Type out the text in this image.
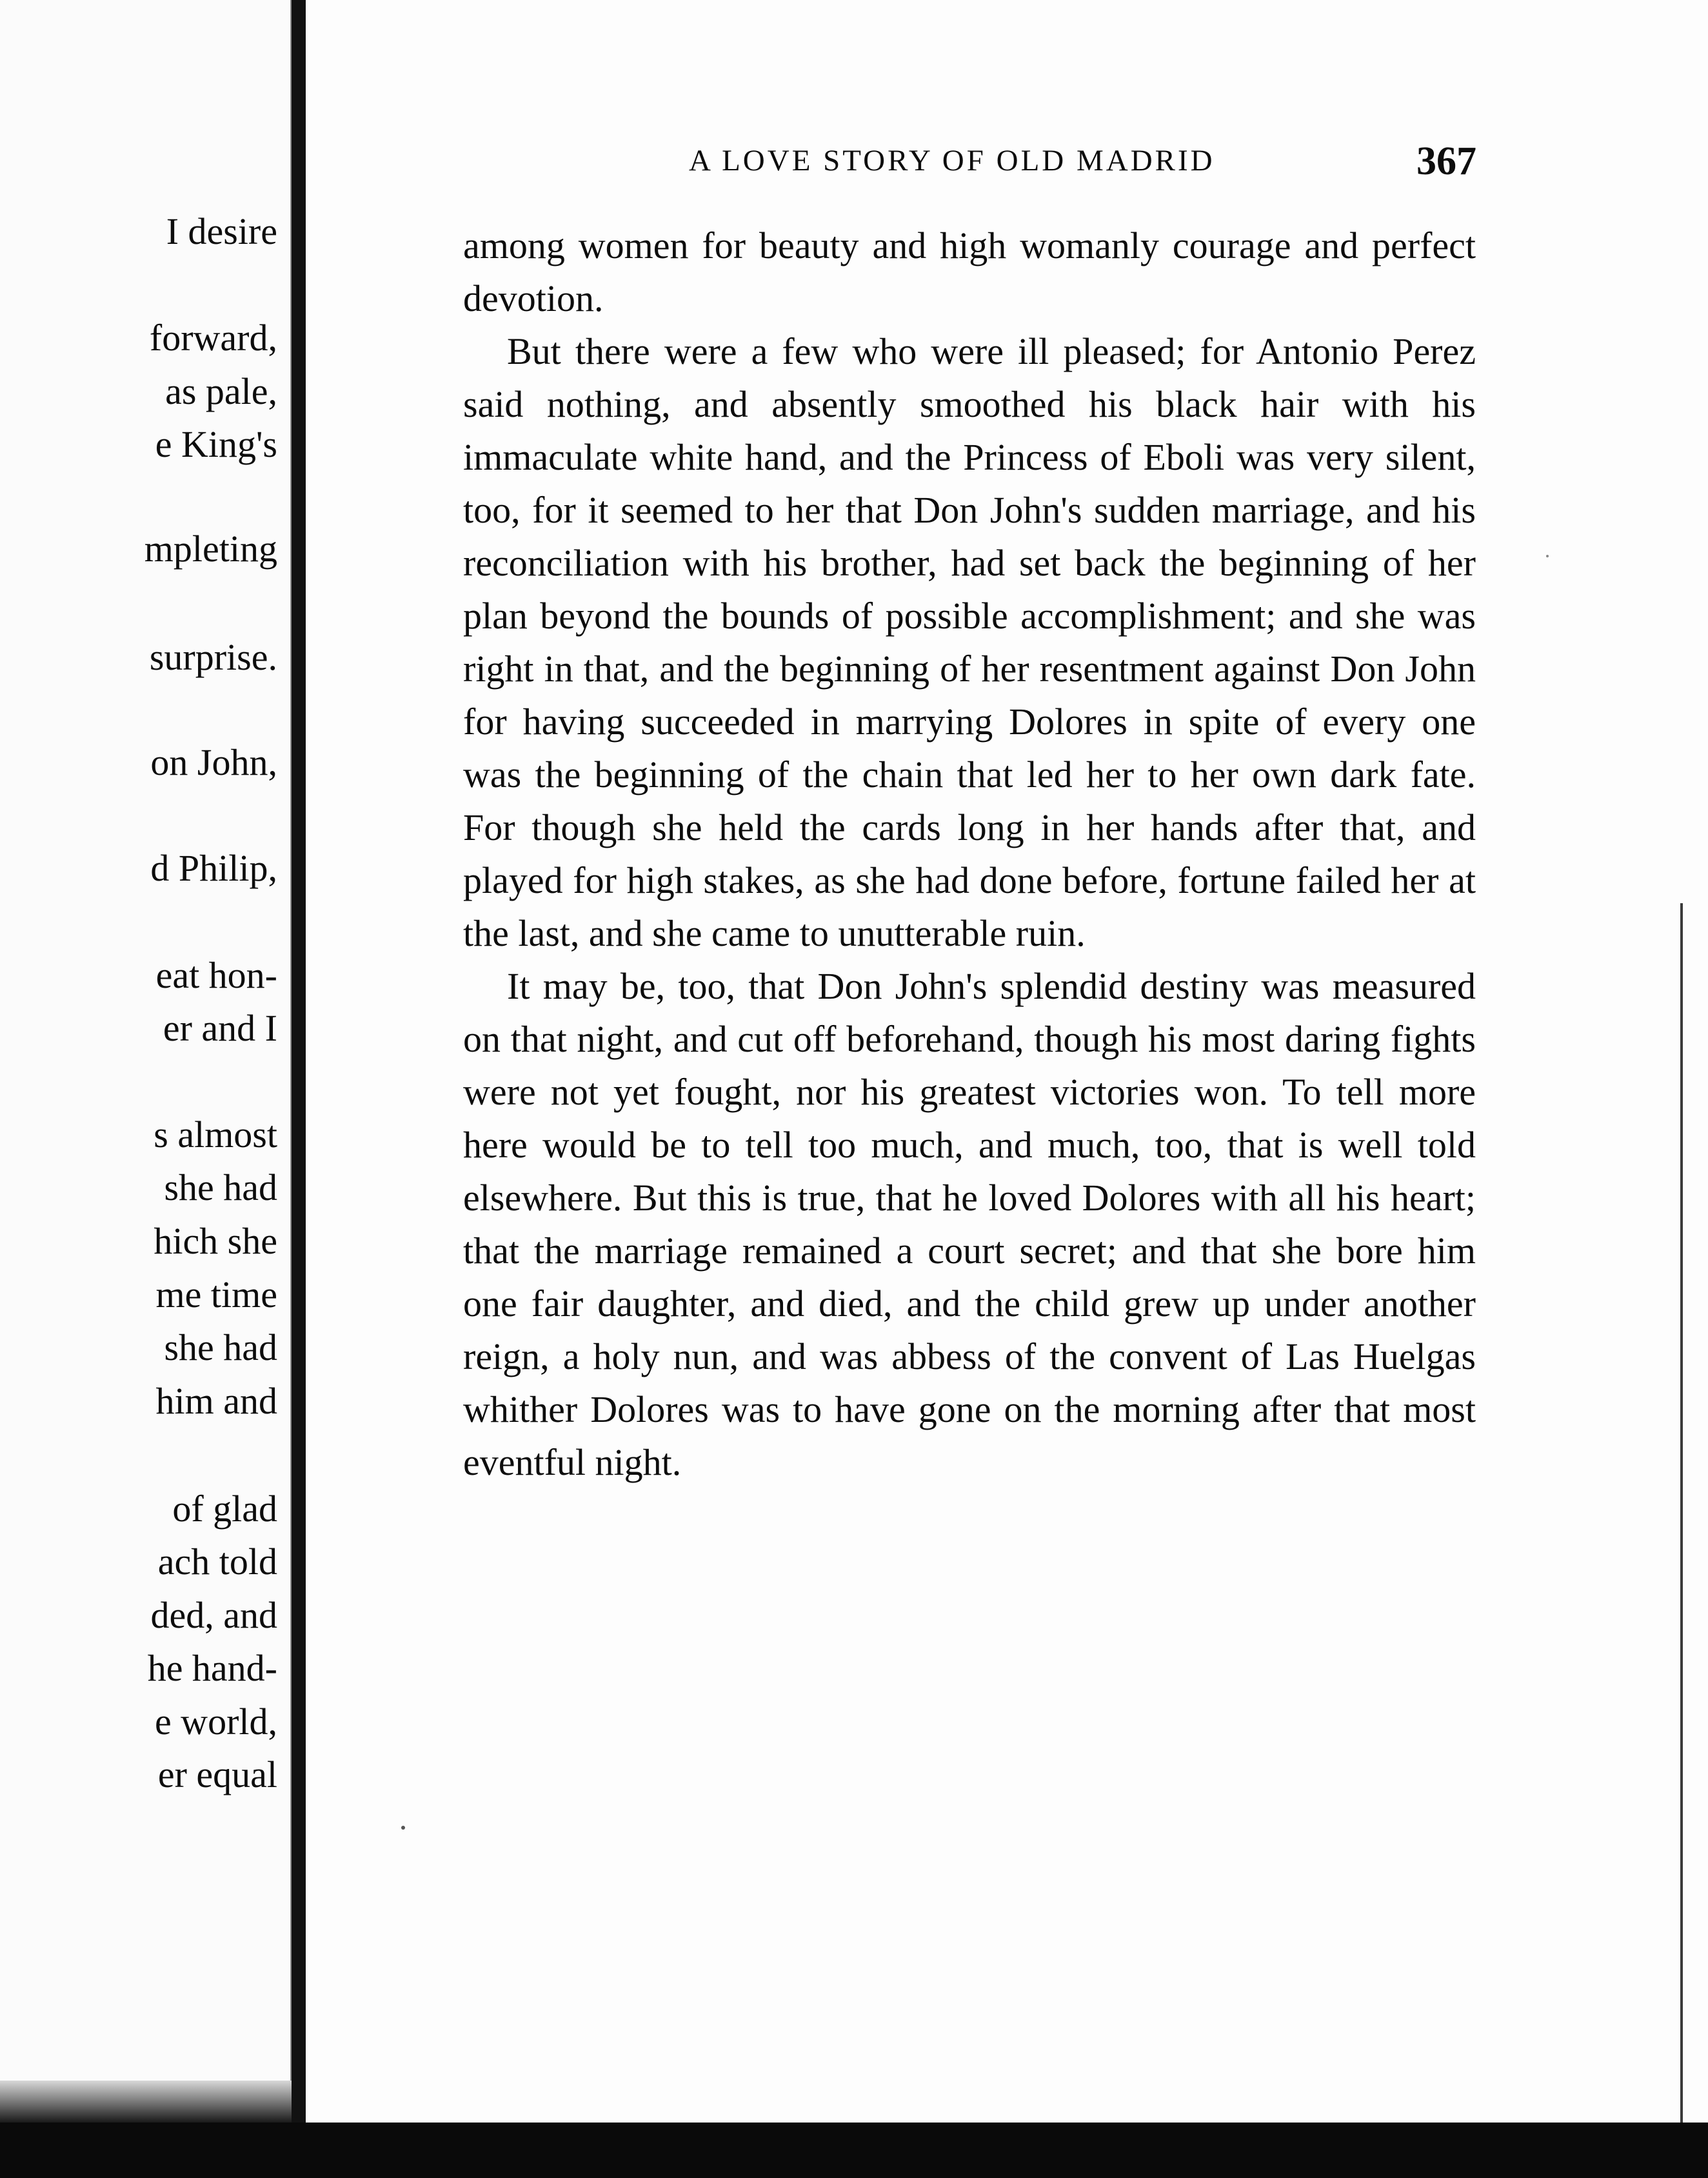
I desire
forward,
as pale,
e King's
mpleting
surprise.
on John,
d Philip,
eat hon-
er and I
s almost
she had
hich she
me time
she had
him and
of glad
ach told
ded, and
he hand-
e world,
er equal
A LOVE STORY OF OLD MADRID	367

among women for beauty and high womanly courage and perfect devotion.

But there were a few who were ill pleased; for Antonio Perez said nothing, and absently smoothed his black hair with his immaculate white hand, and the Princess of Eboli was very silent, too, for it seemed to her that Don John's sudden marriage, and his reconciliation with his brother, had set back the beginning of her plan beyond the bounds of possible accomplishment; and she was right in that, and the beginning of her resentment against Don John for having succeeded in marrying Dolores in spite of every one was the beginning of the chain that led her to her own dark fate. For though she held the cards long in her hands after that, and played for high stakes, as she had done before, fortune failed her at the last, and she came to unutterable ruin.

It may be, too, that Don John's splendid destiny was measured on that night, and cut off beforehand, though his most daring fights were not yet fought, nor his greatest victories won. To tell more here would be to tell too much, and much, too, that is well told elsewhere. But this is true, that he loved Dolores with all his heart; that the marriage remained a court secret; and that she bore him one fair daughter, and died, and the child grew up under another reign, a holy nun, and was abbess of the convent of Las Huelgas whither Dolores was to have gone on the morning after that most eventful night.
